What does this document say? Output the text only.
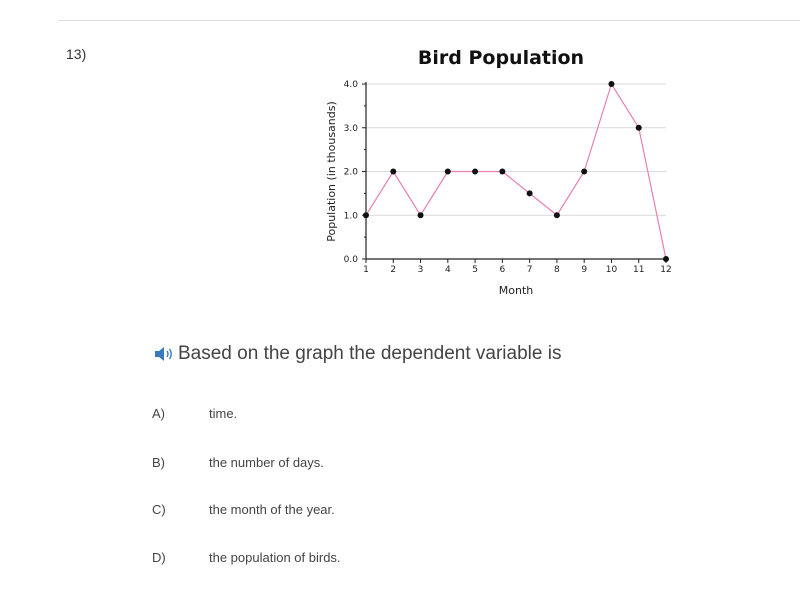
13)	Bird Population
0.0
1.0
2.0
3.0
4.0
1 2 3 4 5 6 7 8 9 10 11 12
Month
Population (in thousands)
Based on the graph the dependent variable is
A)	time.
B)	the number of days.
C)	the month of the year.
D)	the population of birds.
